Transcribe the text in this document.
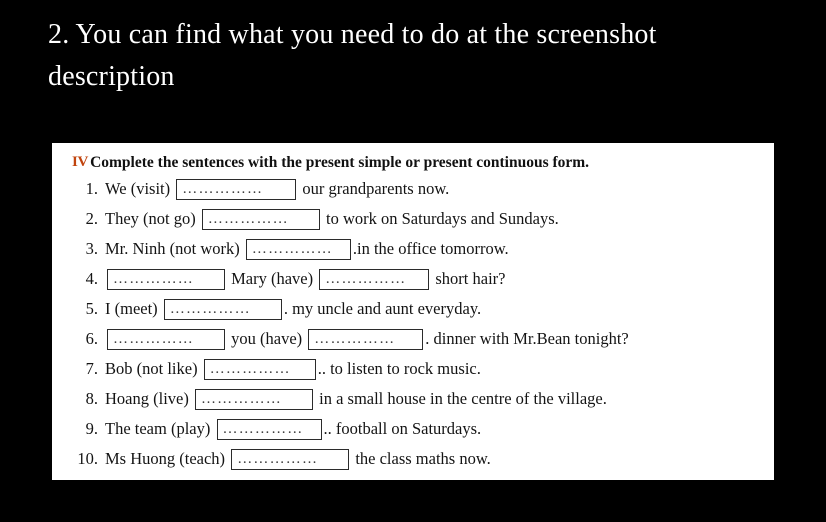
2. You can find what you need to do at the screenshot description
IV Complete the sentences with the present simple or present continuous form.
1. We (visit) ……………	our grandparents now.
2. They (not go) ……………	to work on Saturdays and Sundays.
3. Mr. Ninh (not work) ……………	.in the office tomorrow.
4.	……………	Mary (have) ……………	short hair?
5. I (meet) ……………	. my uncle and aunt everyday.
6.	……………	you (have) ……………	. dinner with Mr.Bean tonight?
7. Bob (not like) ……………	.. to listen to rock music.
8. Hoang (live) ……………	in a small house in the centre of the village.
9. The team (play) ……………	.. football on Saturdays.
10. Ms Huong (teach) ……………	the class maths now.
